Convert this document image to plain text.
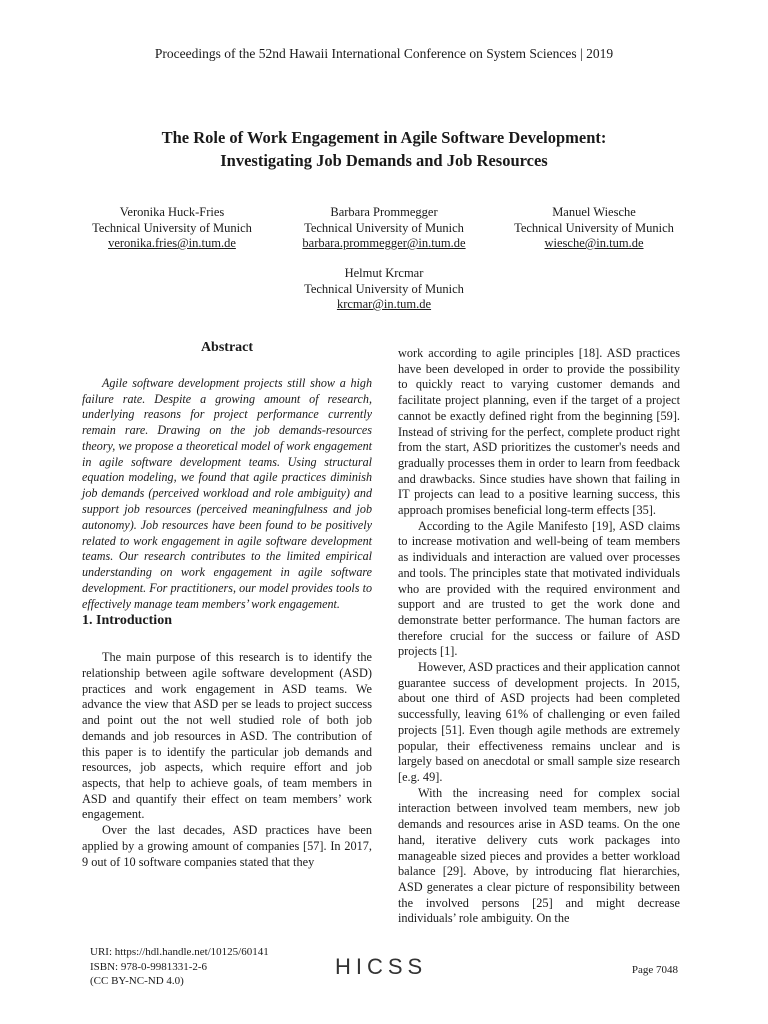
Proceedings of the 52nd Hawaii International Conference on System Sciences | 2019
The Role of Work Engagement in Agile Software Development:
Investigating Job Demands and Job Resources
Veronika Huck-Fries
Technical University of Munich
veronika.fries@in.tum.de
Barbara Prommegger
Technical University of Munich
barbara.prommegger@in.tum.de
Manuel Wiesche
Technical University of Munich
wiesche@in.tum.de
Helmut Krcmar
Technical University of Munich
krcmar@in.tum.de
Abstract

Agile software development projects still show a high failure rate. Despite a growing amount of research, underlying reasons for project performance currently remain rare. Drawing on the job demands-resources theory, we propose a theoretical model of work engagement in agile software development teams. Using structural equation modeling, we found that agile practices diminish job demands (perceived workload and role ambiguity) and support job resources (perceived meaningfulness and job autonomy). Job resources have been found to be positively related to work engagement in agile software development teams. Our research contributes to the limited empirical understanding on work engagement in agile software development. For practitioners, our model provides tools to effectively manage team members’ work engagement.

1. Introduction

The main purpose of this research is to identify the relationship between agile software development (ASD) practices and work engagement in ASD teams. We advance the view that ASD per se leads to project success and point out the not well studied role of both job demands and job resources in ASD. The contribution of this paper is to identify the particular job demands and resources, job aspects, which require effort and job aspects, that help to achieve goals, of team members in ASD and quantify their effect on team members’ work engagement.

Over the last decades, ASD practices have been applied by a growing amount of companies [57]. In 2017, 9 out of 10 software companies stated that they

work according to agile principles [18]. ASD practices have been developed in order to provide the possibility to quickly react to varying customer demands and facilitate project planning, even if the target of a project cannot be exactly defined right from the beginning [59]. Instead of striving for the perfect, complete product right from the start, ASD prioritizes the customer's needs and gradually processes them in order to learn from feedback and drawbacks. Since studies have shown that failing in IT projects can lead to a positive learning success, this approach promises beneficial long-term effects [35].

According to the Agile Manifesto [19], ASD claims to increase motivation and well-being of team members as individuals and interaction are valued over processes and tools. The principles state that motivated individuals who are provided with the required environment and support and are trusted to get the work done and demonstrate better performance. The human factors are therefore crucial for the success or failure of ASD projects [1].

However, ASD practices and their application cannot guarantee success of development projects. In 2015, about one third of ASD projects had been completed successfully, leaving 61% of challenging or even failed projects [51]. Even though agile methods are extremely popular, their effectiveness remains unclear and is largely based on anecdotal or small sample size research [e.g. 49].

With the increasing need for complex social interaction between involved team members, new job demands and resources arise in ASD teams. On the one hand, iterative delivery cuts work packages into manageable sized pieces and provides a better workload balance [29]. Above, by introducing flat hierarchies, ASD generates a clear picture of responsibility between the involved persons [25] and might decrease individuals’ role ambiguity. On the

URI: https://hdl.handle.net/10125/60141
ISBN: 978-0-9981331-2-6
(CC BY-NC-ND 4.0)
HICSS	Page 7048
